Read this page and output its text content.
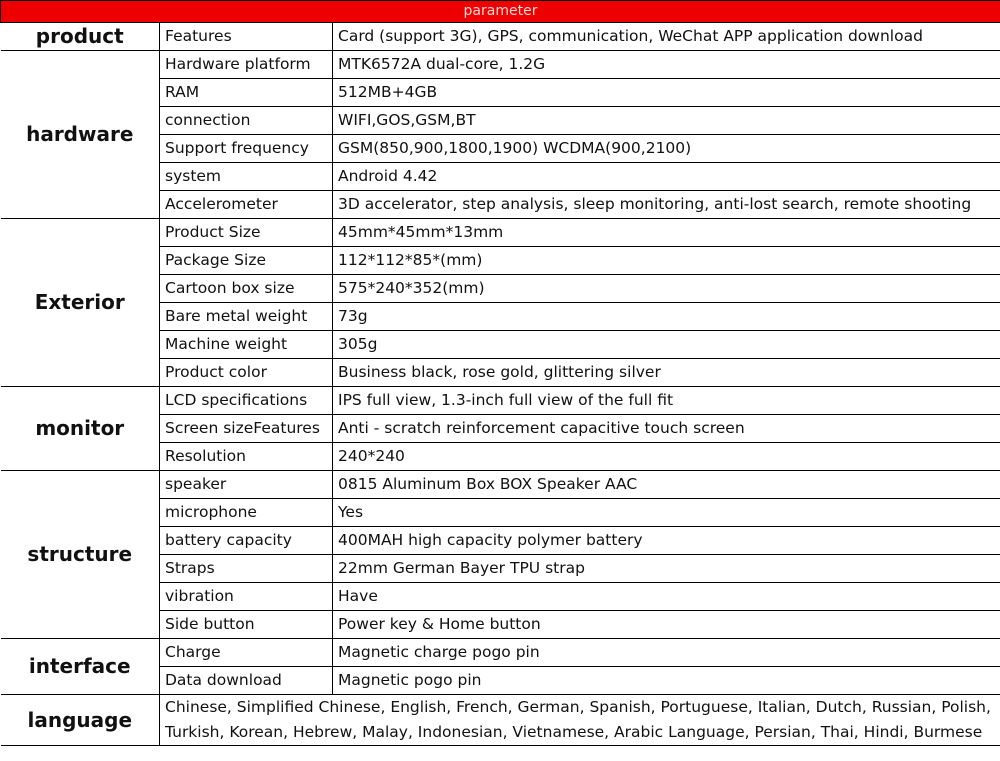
parameter		
product	Features	Card (support 3G), GPS, communication, WeChat APP application download
hardware	Hardware platform	MTK6572A dual-core, 1.2G
	RAM	512MB+4GB
	connection	WIFI,GOS,GSM,BT
	Support frequency	GSM(850,900,1800,1900) WCDMA(900,2100)
	system	Android 4.42
	Accelerometer	3D accelerator, step analysis, sleep monitoring, anti-lost search, remote shooting
Exterior	Product Size	45mm*45mm*13mm
	Package Size	112*112*85*(mm)
	Cartoon box size	575*240*352(mm)
	Bare metal weight	73g
	Machine weight	305g
	Product color	Business black, rose gold, glittering silver
monitor	LCD specifications	IPS full view, 1.3-inch full view of the full fit
	Screen sizeFeatures	Anti - scratch reinforcement capacitive touch screen
	Resolution	240*240
structure	speaker	0815 Aluminum Box BOX Speaker AAC
	microphone	Yes
	battery capacity	400MAH high capacity polymer battery
	Straps	22mm German Bayer TPU strap
	vibration	Have
	Side button	Power key & Home button
interface	Charge	Magnetic charge pogo pin
	Data download	Magnetic pogo pin
language	Chinese, Simplified Chinese, English, French, German, Spanish, Portuguese, Italian, Dutch, Russian, Polish,
Turkish, Korean, Hebrew, Malay, Indonesian, Vietnamese, Arabic Language, Persian, Thai, Hindi, Burmese	
